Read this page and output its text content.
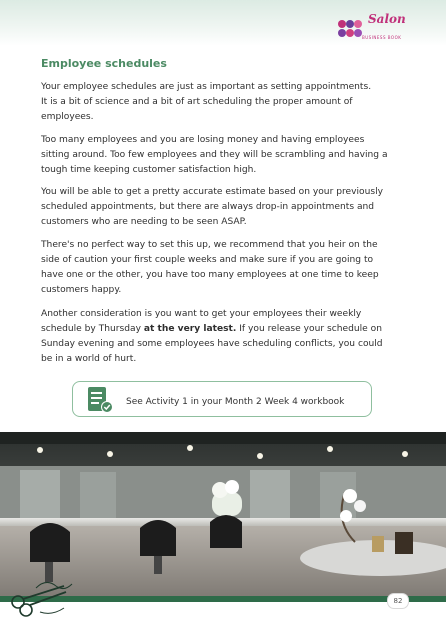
Salon
BUSINESS BOOK
Employee schedules
Your employee schedules are just as important as setting appointments.
It is a bit of science and a bit of art scheduling the proper amount of
employees.
Too many employees and you are losing money and having employees
sitting around. Too few employees and they will be scrambling and having a
tough time keeping customer satisfaction high.
You will be able to get a pretty accurate estimate based on your previously
scheduled appointments, but there are always drop-in appointments and
customers who are needing to be seen ASAP.
There's no perfect way to set this up, we recommend that you heir on the
side of caution your first couple weeks and make sure if you are going to
have one or the other, you have too many employees at one time to keep
customers happy.
Another consideration is you want to get your employees their weekly
schedule by Thursday at the very latest. If you release your schedule on
Sunday evening and some employees have scheduling conflicts, you could
be in a world of hurt.
See Activity 1 in your Month 2 Week 4 workbook
82
